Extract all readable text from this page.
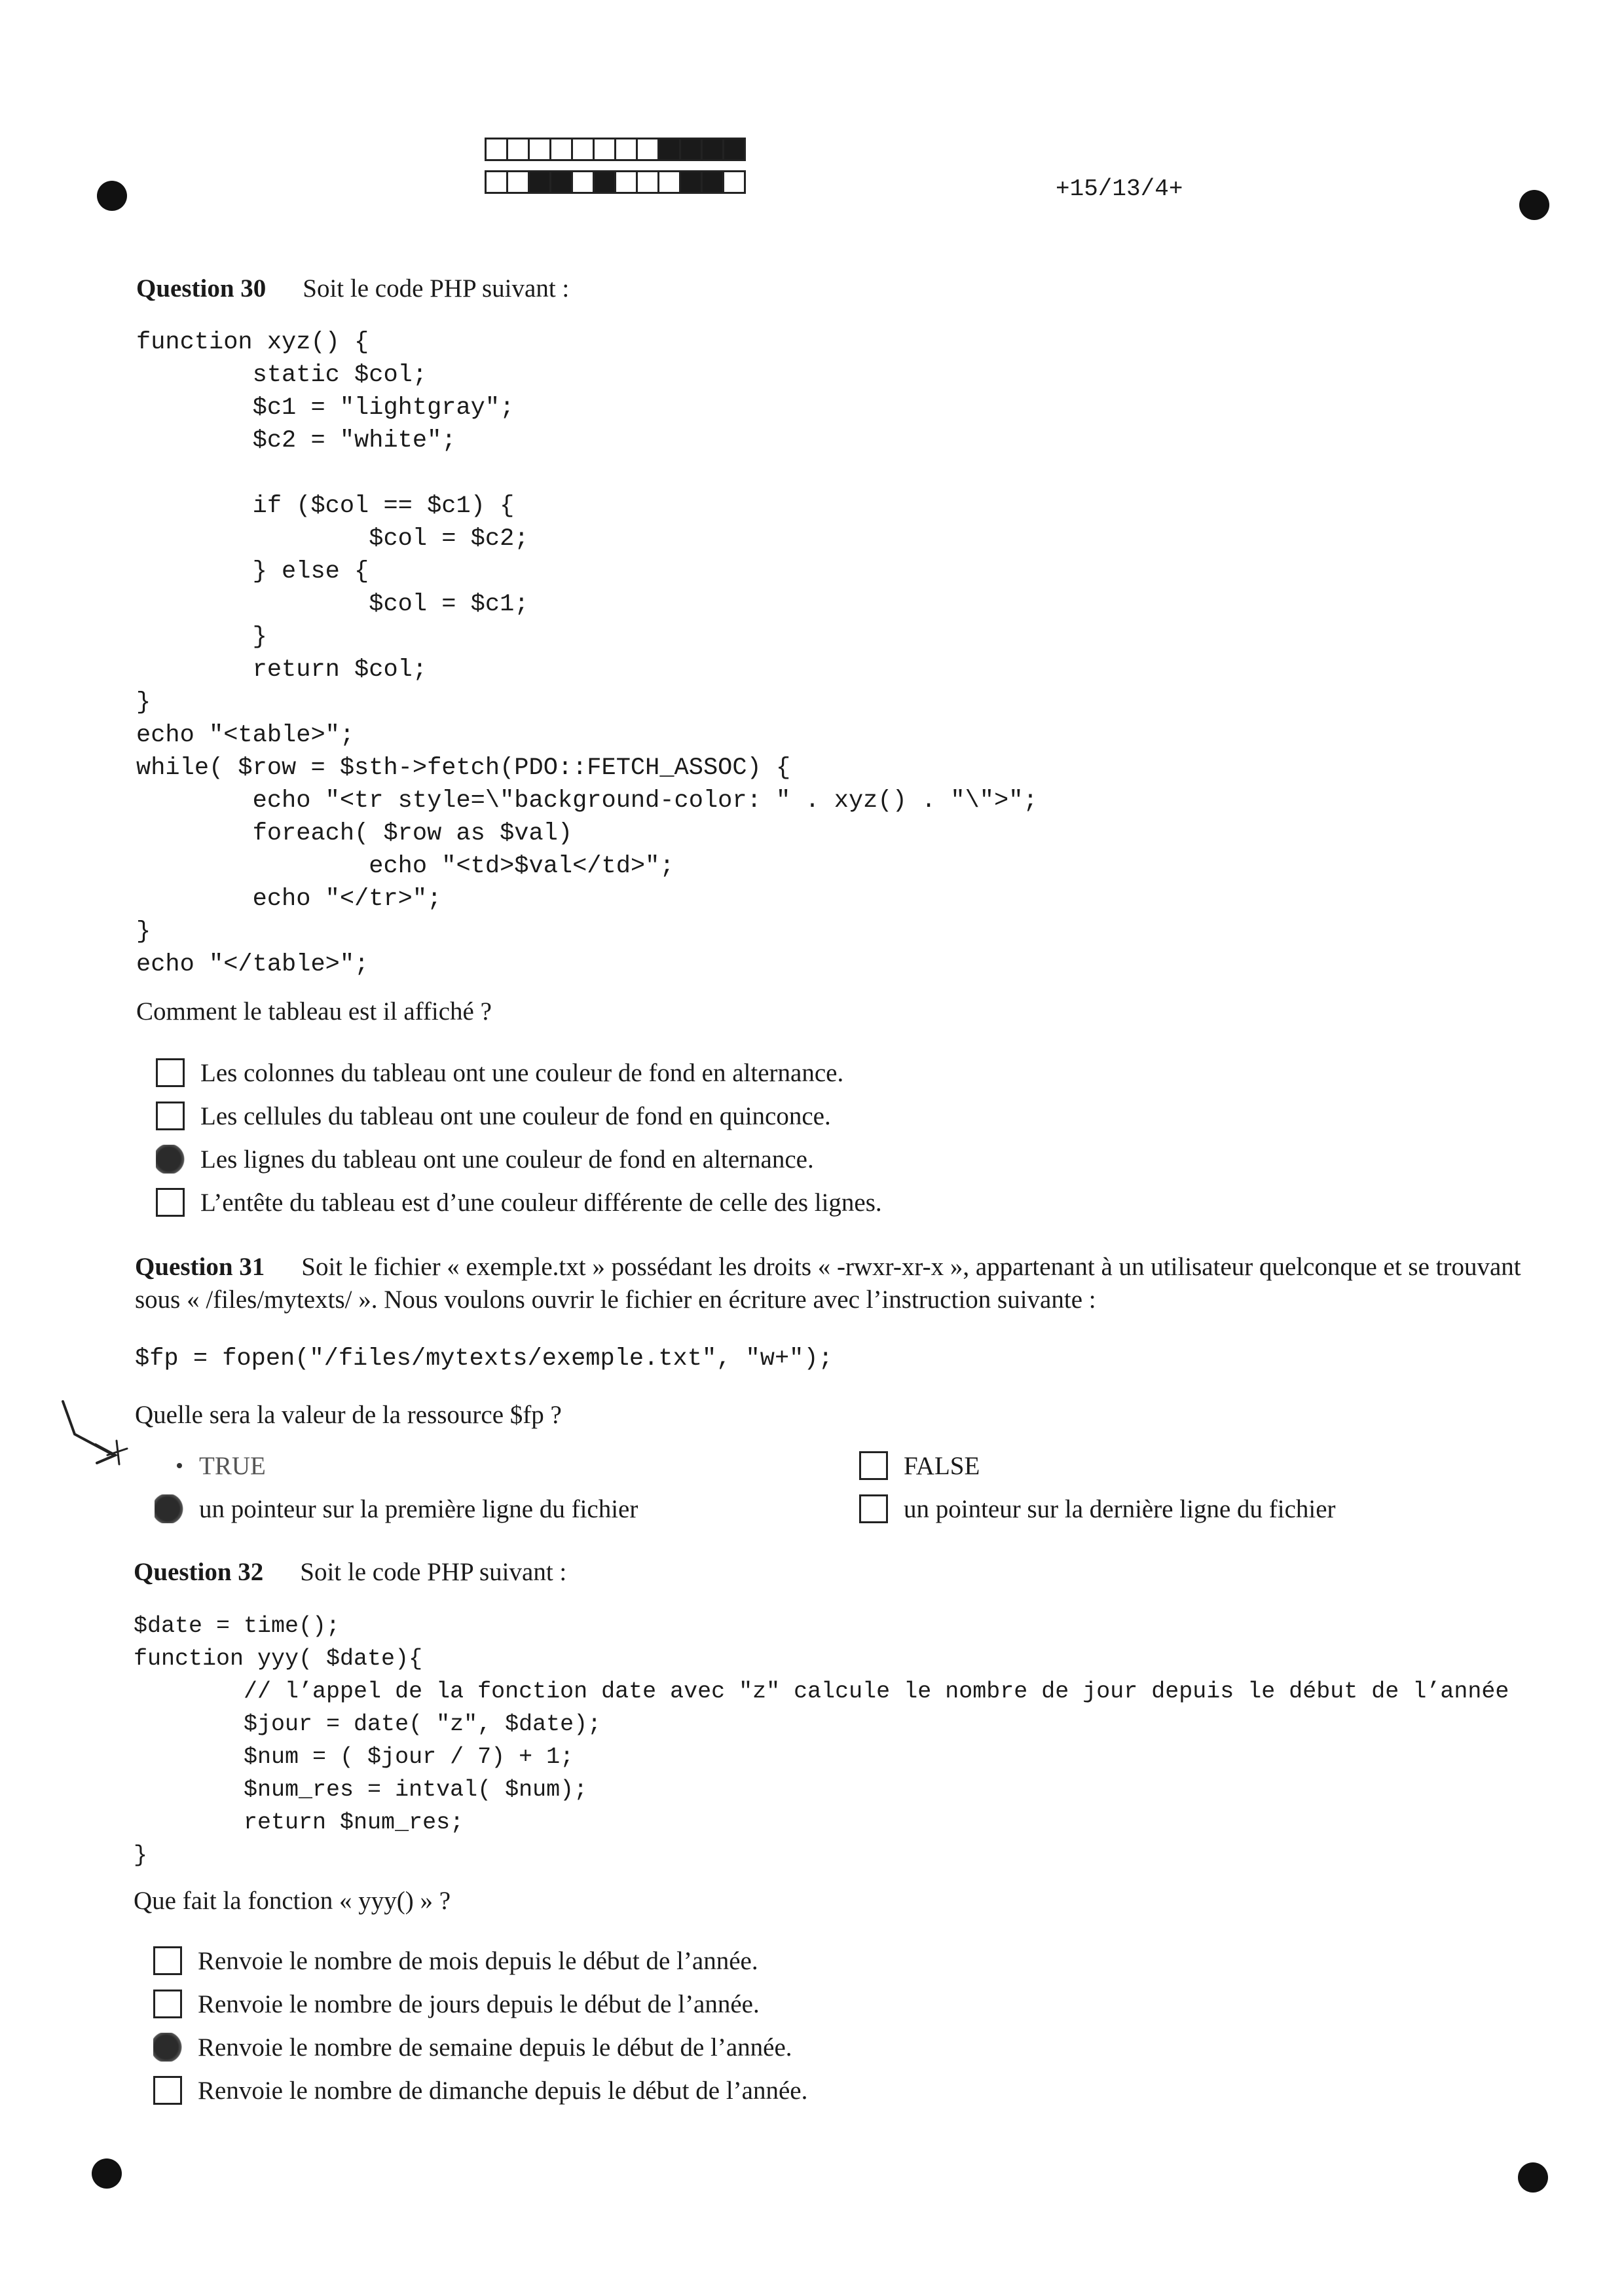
+15/13/4+
Question 30 Soit le code PHP suivant :
function xyz() {
static $col;
$c1 = "lightgray";
$c2 = "white";

if ($col == $c1) {
$col = $c2;
} else {
$col = $c1;
}
return $col;
}
echo "<table>";
while( $row = $sth->fetch(PDO::FETCH_ASSOC) {
echo "<tr style=\"background-color: " . xyz() . "\">";
foreach( $row as $val)
echo "<td>$val</td>";
echo "</tr>";
}
echo "</table>";
Comment le tableau est il affiché ?
Les colonnes du tableau ont une couleur de fond en alternance.
Les cellules du tableau ont une couleur de fond en quinconce.
Les lignes du tableau ont une couleur de fond en alternance.
L’entête du tableau est d’une couleur différente de celle des lignes.
Question 31 Soit le fichier « exemple.txt » possédant les droits « -rwxr-xr-x », appartenant à un utilisateur quelconque et se trouvant sous « /files/mytexts/ ». Nous voulons ouvrir le fichier en écriture avec l’instruction suivante :
$fp = fopen("/files/mytexts/exemple.txt", "w+");
Quelle sera la valeur de la ressource $fp ?
TRUE	FALSE
un pointeur sur la première ligne du fichier	un pointeur sur la dernière ligne du fichier
Question 32 Soit le code PHP suivant :
$date = time();
function yyy( $date){
// l’appel de la fonction date avec "z" calcule le nombre de jour depuis le début de l’année
$jour = date( "z", $date);
$num = ( $jour / 7) + 1;
$num_res = intval( $num);
return $num_res;
}
Que fait la fonction « yyy() » ?
Renvoie le nombre de mois depuis le début de l’année.
Renvoie le nombre de jours depuis le début de l’année.
Renvoie le nombre de semaine depuis le début de l’année.
Renvoie le nombre de dimanche depuis le début de l’année.
